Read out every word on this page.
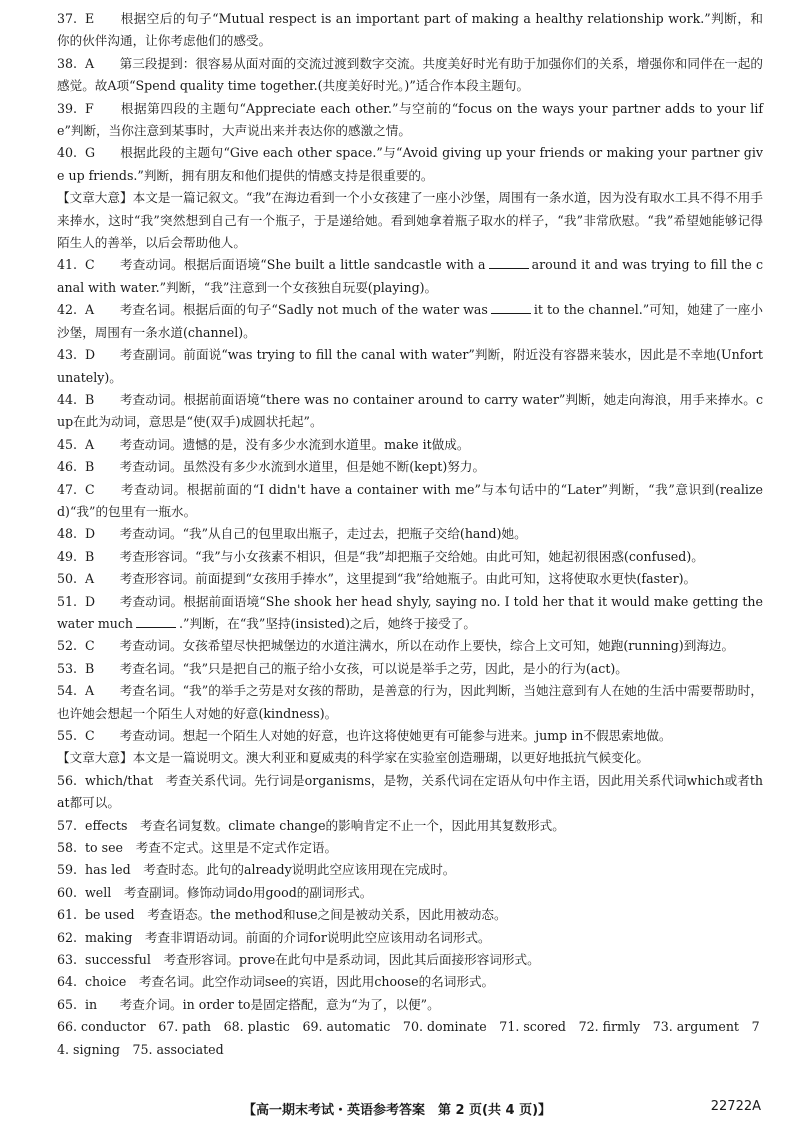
37. E　 根据空后的句子“Mutual respect is an important part of making a healthy relationship work.”判断，和你的伙伴沟通，让你考虑他们的感受。
38. A　 第三段提到：很容易从面对面的交流过渡到数字交流。共度美好时光有助于加强你们的关系，增强你和同伴在一起的感觉。故A项“Spend quality time together.(共度美好时光。)”适合作本段主题句。
39. F　 根据第四段的主题句“Appreciate each other.”与空前的“focus on the ways your partner adds to your life”判断，当你注意到某事时，大声说出来并表达你的感激之情。
40. G　 根据此段的主题句“Give each other space.”与“Avoid giving up your friends or making your partner give up friends.”判断，拥有朋友和他们提供的情感支持是很重要的。
【文章大意】本文是一篇记叙文。“我”在海边看到一个小女孩建了一座小沙堡，周围有一条水道，因为没有取水工具不得不用手来捧水，这时“我”突然想到自己有一个瓶子，于是递给她。看到她拿着瓶子取水的样子，“我”非常欣慰。“我”希望她能够记得陌生人的善举，以后会帮助他人。
41. C　 考查动词。根据后面语境“She built a little sandcastle with a	around it and was trying to fill the canal with water.”判断，“我”注意到一个女孩独自玩耍(playing)。
42. A　 考查名词。根据后面的句子“Sadly not much of the water was	it to the channel.”可知，她建了一座小沙堡，周围有一条水道(channel)。
43. D　 考查副词。前面说“was trying to fill the canal with water”判断，附近没有容器来装水，因此是不幸地(Unfortunately)。
44. B　 考查动词。根据前面语境“there was no container around to carry water”判断，她走向海浪，用手来捧水。cup在此为动词，意思是“使(双手)成圆状托起”。
45. A　 考查动词。遗憾的是，没有多少水流到水道里。make it做成。
46. B　 考查动词。虽然没有多少水流到水道里，但是她不断(kept)努力。
47. C　 考查动词。根据前面的“I didn't have a container with me”与本句话中的“Later”判断，“我”意识到(realized)“我”的包里有一瓶水。
48. D　 考查动词。“我”从自己的包里取出瓶子，走过去，把瓶子交给(hand)她。
49. B　 考查形容词。“我”与小女孩素不相识，但是“我”却把瓶子交给她。由此可知，她起初很困惑(confused)。
50. A　 考查形容词。前面提到“女孩用手捧水”，这里提到“我”给她瓶子。由此可知，这将使取水更快(faster)。
51. D　 考查动词。根据前面语境“She shook her head shyly, saying no. I told her that it would make getting the water much	.”判断，在“我”坚持(insisted)之后，她终于接受了。
52. C　 考查动词。女孩希望尽快把城堡边的水道注满水，所以在动作上要快，综合上文可知，她跑(running)到海边。
53. B　 考查名词。“我”只是把自己的瓶子给小女孩，可以说是举手之劳，因此，是小的行为(act)。
54. A　 考查名词。“我”的举手之劳是对女孩的帮助，是善意的行为，因此判断，当她注意到有人在她的生活中需要帮助时，也许她会想起一个陌生人对她的好意(kindness)。
55. C　 考查动词。想起一个陌生人对她的好意，也许这将使她更有可能参与进来。jump in不假思索地做。
【文章大意】本文是一篇说明文。澳大利亚和夏威夷的科学家在实验室创造珊瑚，以更好地抵抗气候变化。
56. which/that　 考查关系代词。先行词是organisms，是物，关系代词在定语从句中作主语，因此用关系代词which或者that都可以。
57. effects　 考查名词复数。climate change的影响肯定不止一个，因此用其复数形式。
58. to see　 考查不定式。这里是不定式作定语。
59. has led　 考查时态。此句的already说明此空应该用现在完成时。
60. well　 考查副词。修饰动词do用good的副词形式。
61. be used　 考查语态。the method和use之间是被动关系，因此用被动态。
62. making　 考查非谓语动词。前面的介词for说明此空应该用动名词形式。
63. successful　 考查形容词。prove在此句中是系动词，因此其后面接形容词形式。
64. choice　 考查名词。此空作动词see的宾语，因此用choose的名词形式。
65. in　 考查介词。in order to是固定搭配，意为“为了，以便”。
66. conductor　67. path　68. plastic　69. automatic　70. dominate　71. scored　72. firmly　73. argument　74. signing　75. associated
【高一期末考试・英语参考答案　第 2 页(共 4 页)】	22722A
